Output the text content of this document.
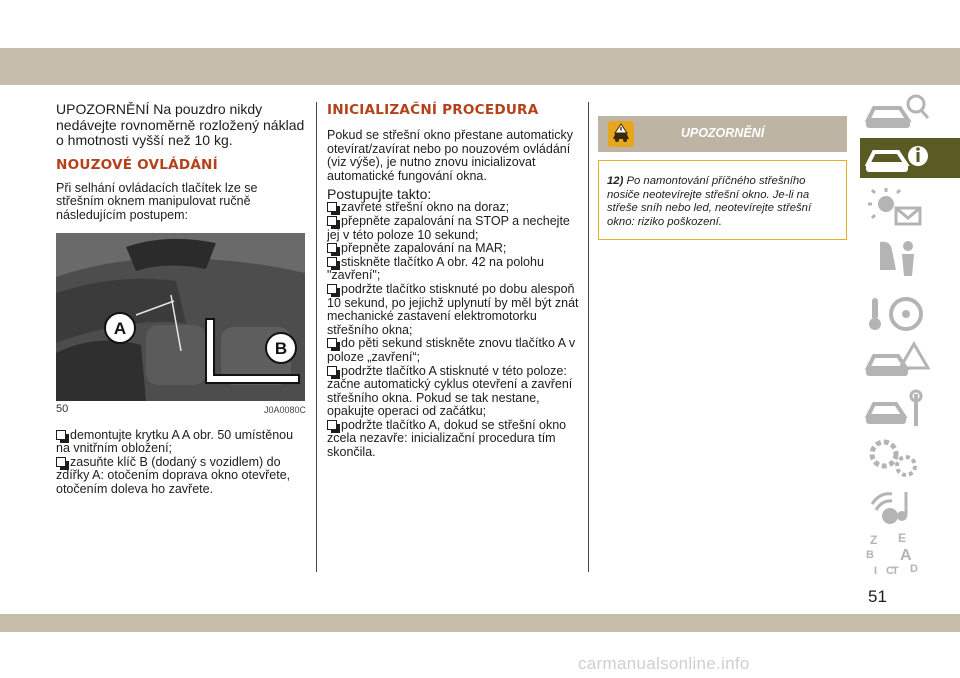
UPOZORNĚNÍ Na pouzdro nikdy nedávejte rovnoměrně rozložený náklad o hmotnosti vyšší než 10 kg.

NOUZOVÉ OVLÁDÁNÍ

Při selhání ovládacích tlačítek lze se střešním oknem manipulovat ručně následujícím postupem:

A
B
50	J0A0080C

demontujte krytku A A obr. 50 umístěnou na vnitřním obložení;

zasuňte klíč B (dodaný s vozidlem) do zdířky A: otočením doprava okno otevřete, otočením doleva ho zavřete.

INICIALIZAČNÍ PROCEDURA

Pokud se střešní okno přestane automaticky otevírat/zavírat nebo po nouzovém ovládání (viz výše), je nutno znovu inicializovat automatické fungování okna.

Postupujte takto:

zavřete střešní okno na doraz;

přepněte zapalování na STOP a nechejte jej v této poloze 10 sekund;

přepněte zapalování na MAR;

stiskněte tlačítko A obr. 42 na polohu "zavření";

podržte tlačítko stisknuté po dobu alespoň 10 sekund, po jejichž uplynutí by měl být znát mechanické zastavení elektromotorku střešního okna;

do pěti sekund stiskněte znovu tlačítko A v poloze „zavření“;

podržte tlačítko A stisknuté v této poloze: začne automatický cyklus otevření a zavření střešního okna. Pokud se tak nestane, opakujte operaci od začátku;

podržte tlačítko A, dokud se střešní okno zcela nezavře: inicializační procedura tím skončila.

UPOZORNĚNÍ
12) Po namontování příčného střešního nosiče neotevírejte střešní okno. Je-li na střeše sníh nebo led, neotevírejte střešní okno: riziko poškození.
Z E
B A
I C
T D
51
carmanualsonline.info
